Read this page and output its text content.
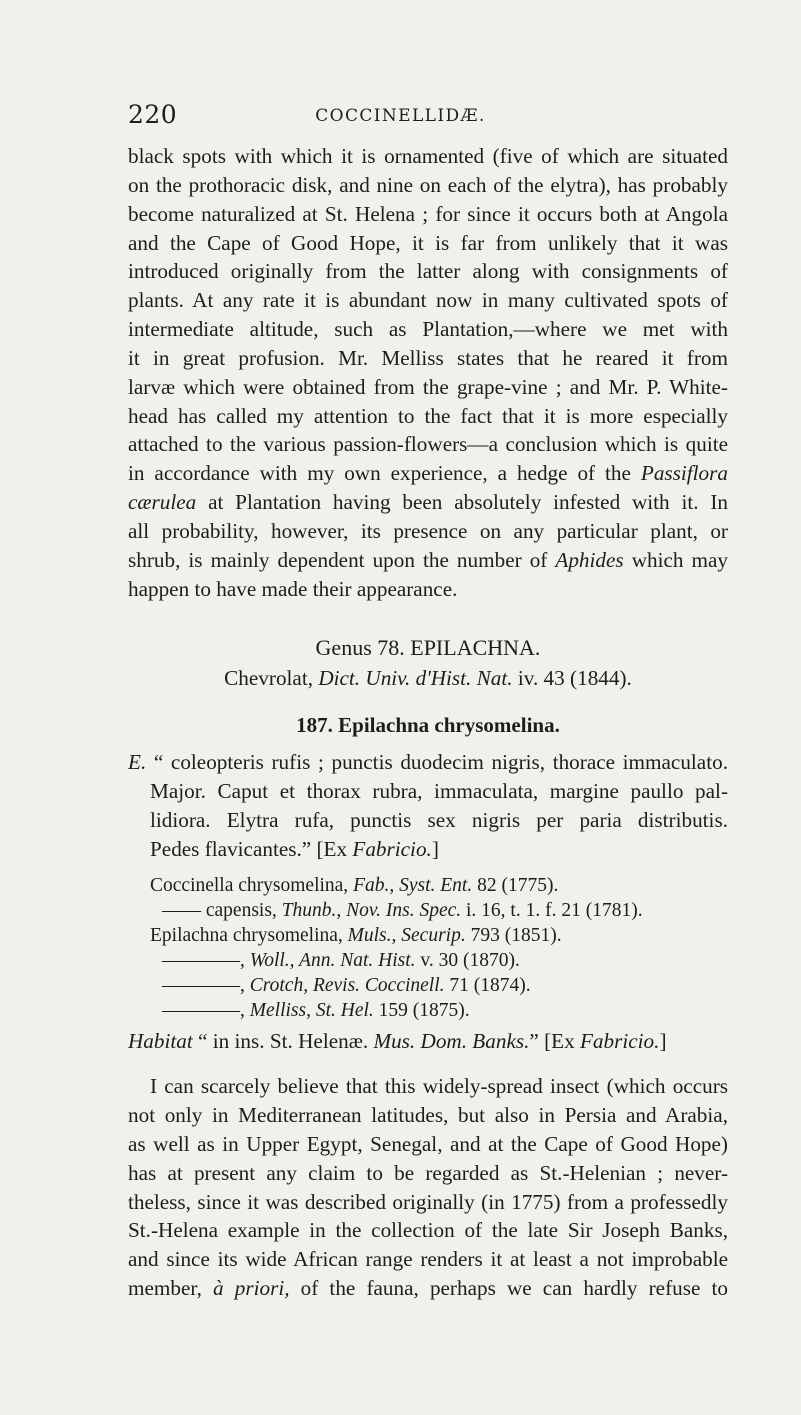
220	COCCINELLIDÆ.
black spots with which it is ornamented (five of which are situated
on the prothoracic disk, and nine on each of the elytra), has probably
become naturalized at St. Helena ; for since it occurs both at Angola
and the Cape of Good Hope, it is far from unlikely that it was
introduced originally from the latter along with consignments of
plants. At any rate it is abundant now in many cultivated spots of
intermediate altitude, such as Plantation,—where we met with
it in great profusion. Mr. Melliss states that he reared it from
larvæ which were obtained from the grape-vine ; and Mr. P. White-
head has called my attention to the fact that it is more especially
attached to the various passion-flowers—a conclusion which is quite
in accordance with my own experience, a hedge of the Passiflora
cærulea at Plantation having been absolutely infested with it. In
all probability, however, its presence on any particular plant, or
shrub, is mainly dependent upon the number of Aphides which may
happen to have made their appearance.
Genus 78. EPILACHNA.
Chevrolat, Dict. Univ. d'Hist. Nat. iv. 43 (1844).
187. Epilachna chrysomelina.
E. “ coleopteris rufis ; punctis duodecim nigris, thorace immaculato.
Major. Caput et thorax rubra, immaculata, margine paullo pal-
lidiora. Elytra rufa, punctis sex nigris per paria distributis.
Pedes flavicantes.” [Ex Fabricio.]
Coccinella chrysomelina, Fab., Syst. Ent. 82 (1775).
—— capensis, Thunb., Nov. Ins. Spec. i. 16, t. 1. f. 21 (1781).
Epilachna chrysomelina, Muls., Securip. 793 (1851).
————, Woll., Ann. Nat. Hist. v. 30 (1870).
————, Crotch, Revis. Coccinell. 71 (1874).
————, Melliss, St. Hel. 159 (1875).
Habitat “ in ins. St. Helenæ. Mus. Dom. Banks.” [Ex Fabricio.]
I can scarcely believe that this widely-spread insect (which occurs
not only in Mediterranean latitudes, but also in Persia and Arabia,
as well as in Upper Egypt, Senegal, and at the Cape of Good Hope)
has at present any claim to be regarded as St.-Helenian ; never-
theless, since it was described originally (in 1775) from a professedly
St.-Helena example in the collection of the late Sir Joseph Banks,
and since its wide African range renders it at least a not improbable
member, à priori, of the fauna, perhaps we can hardly refuse to
